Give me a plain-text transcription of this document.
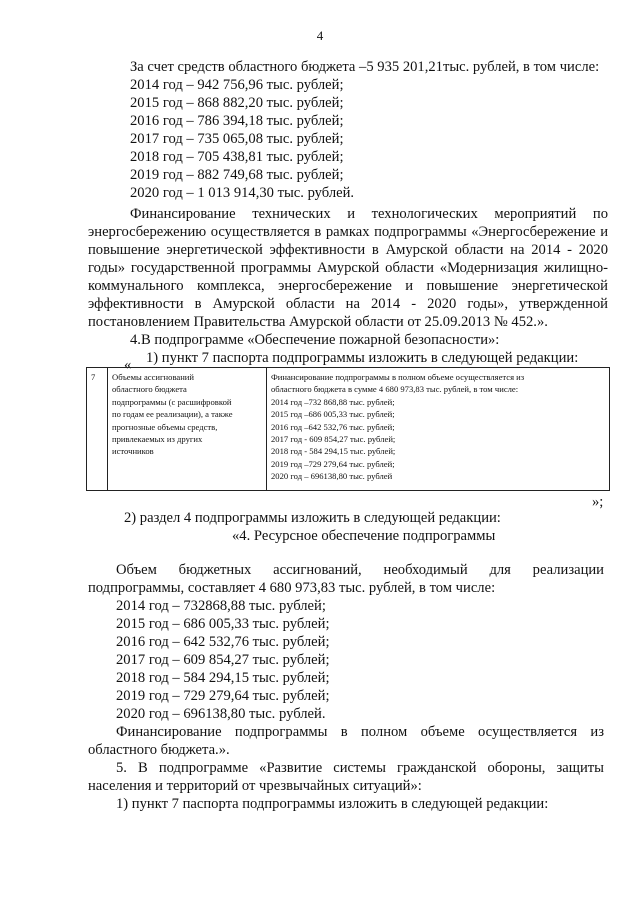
4
За счет средств областного бюджета –5 935 201,21тыс. рублей, в том числе:
2014 год – 942 756,96 тыс. рублей;
2015 год – 868 882,20 тыс. рублей;
2016 год – 786 394,18 тыс. рублей;
2017 год – 735 065,08 тыс. рублей;
2018 год – 705 438,81 тыс. рублей;
2019 год – 882 749,68 тыс. рублей;
2020 год – 1 013 914,30 тыс. рублей.
Финансирование технических и технологических мероприятий по
энергосбережению осуществляется в рамках подпрограммы «Энергосбережение и
повышение энергетической эффективности в Амурской области на 2014 - 2020
годы» государственной программы Амурской области «Модернизация жилищно-
коммунального комплекса, энергосбережение и повышение энергетической
эффективности в Амурской области на 2014 - 2020 годы», утвержденной
постановлением Правительства Амурской области от 25.09.2013 № 452.».
4.В подпрограмме «Обеспечение пожарной безопасности»:
1) пункт 7 паспорта подпрограммы изложить в следующей редакции:
«
7	Объемы ассигнований
областного бюджета
подпрограммы (с расшифровкой
по годам ее реализации), а также
прогнозные объемы средств,
привлекаемых из других
источников

Финансирование подпрограммы в полном объеме осуществляется из
областного бюджета в сумме 4 680 973,83 тыс. рублей, в том числе:
2014 год –732 868,88 тыс. рублей;
2015 год –686 005,33 тыс. рублей;
2016 год –642 532,76 тыс. рублей;
2017 год - 609 854,27 тыс. рублей;
2018 год - 584 294,15 тыс. рублей;
2019 год –729 279,64 тыс. рублей;
2020 год – 696138,80 тыс. рублей
»;
2) раздел 4 подпрограммы изложить в следующей редакции:
«4. Ресурсное обеспечение подпрограммы
Объем бюджетных ассигнований, необходимый для реализации
подпрограммы, составляет 4 680 973,83 тыс. рублей, в том числе:
2014 год – 732868,88 тыс. рублей;
2015 год – 686 005,33 тыс. рублей;
2016 год – 642 532,76 тыс. рублей;
2017 год – 609 854,27 тыс. рублей;
2018 год – 584 294,15 тыс. рублей;
2019 год – 729 279,64 тыс. рублей;
2020 год – 696138,80 тыс. рублей.
Финансирование подпрограммы в полном объеме осуществляется из
областного бюджета.».
5. В подпрограмме «Развитие системы гражданской обороны, защиты
населения и территорий от чрезвычайных ситуаций»:
1) пункт 7 паспорта подпрограммы изложить в следующей редакции:
